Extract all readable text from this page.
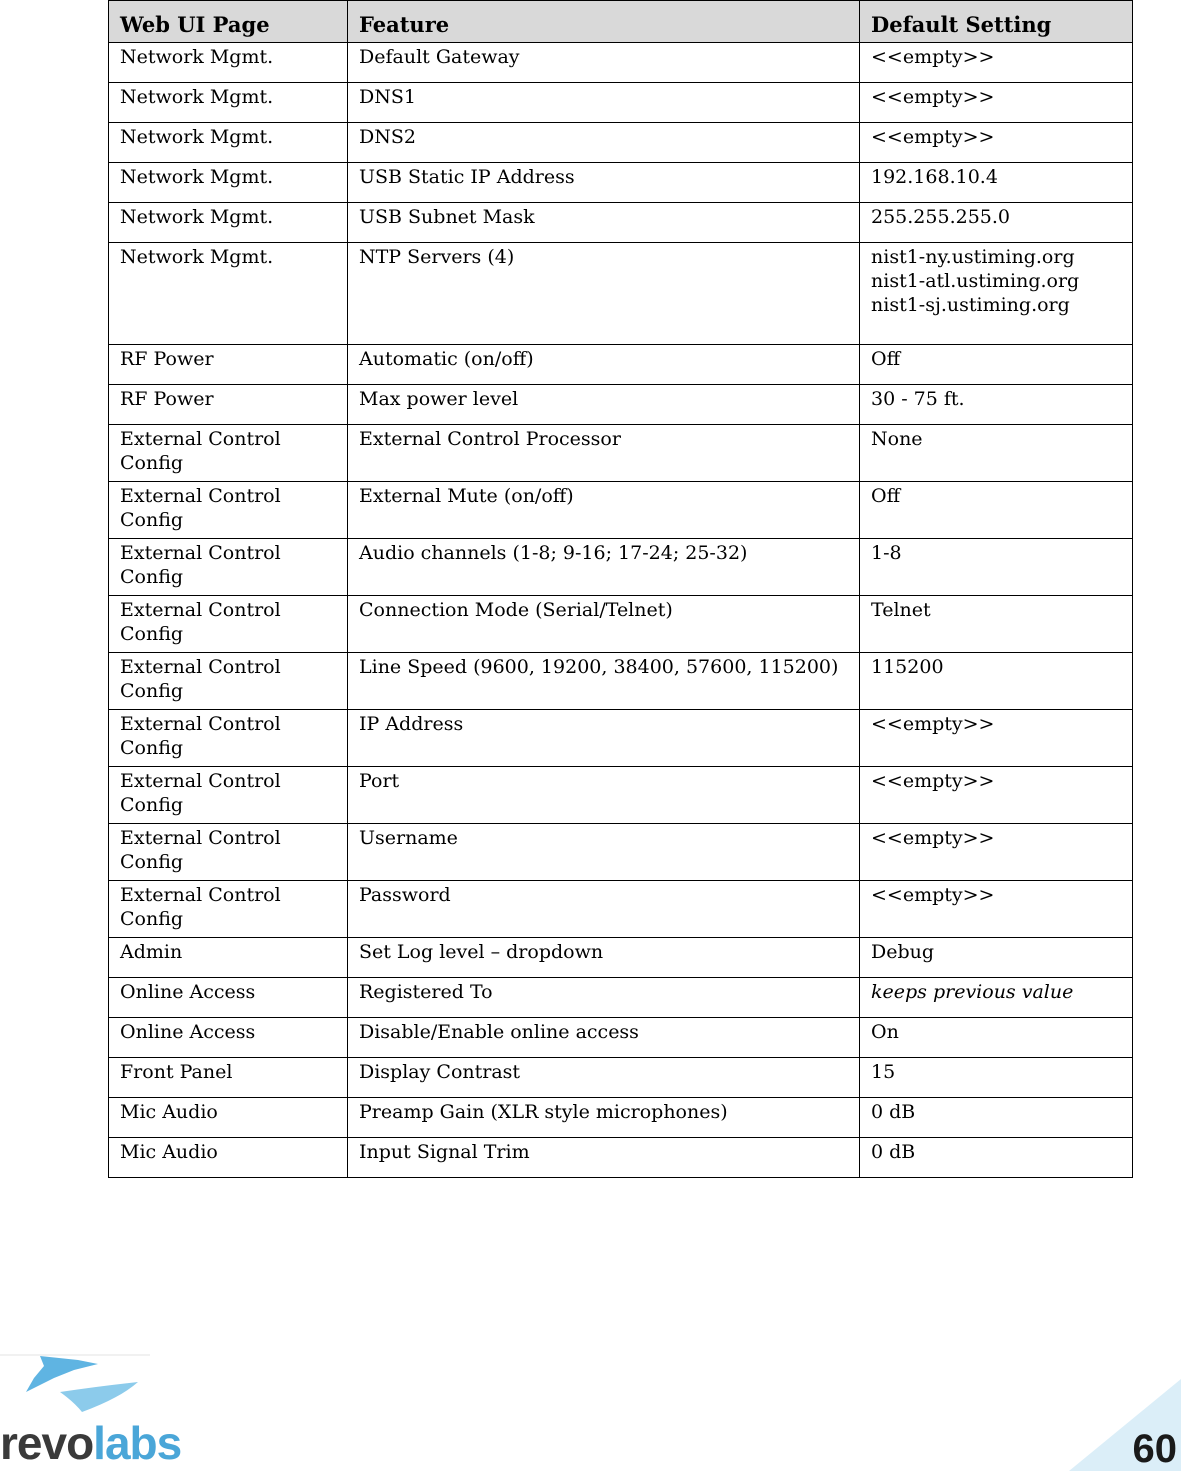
Web UI Page	Feature	Default Setting
Network Mgmt.	Default Gateway	<<empty>>
Network Mgmt.	DNS1	<<empty>>
Network Mgmt.	DNS2	<<empty>>
Network Mgmt.	USB Static IP Address	192.168.10.4
Network Mgmt.	USB Subnet Mask	255.255.255.0
Network Mgmt.	NTP Servers (4)	nist1-ny.ustiming.org
nist1-atl.ustiming.org
nist1-sj.ustiming.org
RF Power	Automatic (on/off)	Off
RF Power	Max power level	30 - 75 ft.
External Control Config	External Control Processor	None
External Control Config	External Mute (on/off)	Off
External Control Config	Audio channels (1-8; 9-16; 17-24; 25-32)	1-8
External Control Config	Connection Mode (Serial/Telnet)	Telnet
External Control Config	Line Speed (9600, 19200, 38400, 57600, 115200)	115200
External Control Config	IP Address	<<empty>>
External Control Config	Port	<<empty>>
External Control Config	Username	<<empty>>
External Control Config	Password	<<empty>>
Admin	Set Log level – dropdown	Debug
Online Access	Registered To	keeps previous value
Online Access	Disable/Enable online access	On
Front Panel	Display Contrast	15
Mic Audio	Preamp Gain (XLR style microphones)	0 dB
Mic Audio	Input Signal Trim	0 dB
revolabs	60
